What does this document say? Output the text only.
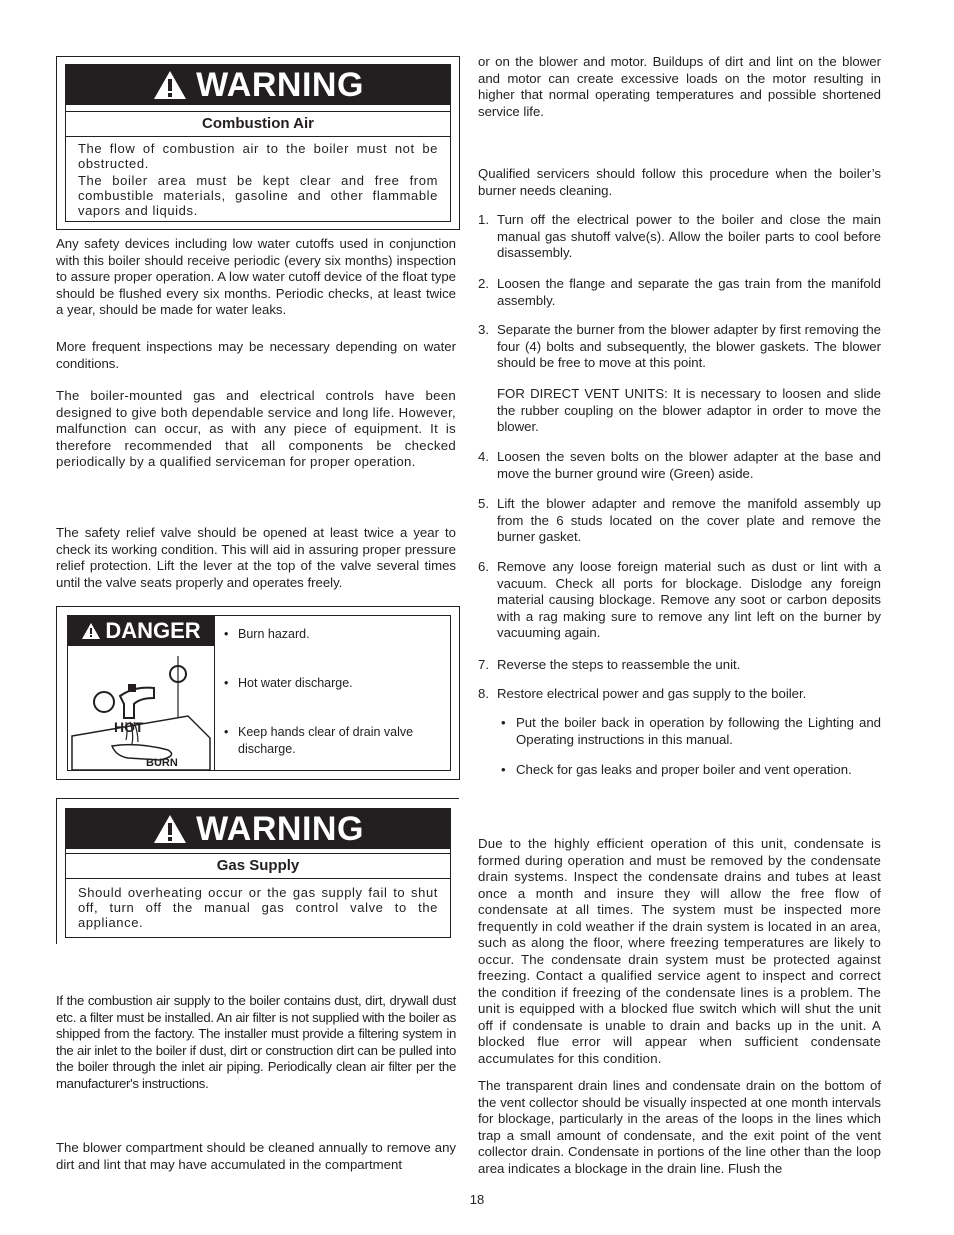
WARNING
Combustion Air

The flow of combustion air to the boiler must not be obstructed.

The boiler area must be kept clear and free from combustible materials, gasoline and other flammable vapors and liquids.

Any safety devices including low water cutoffs used in conjunction with this boiler should receive periodic (every six months) inspection to assure proper operation. A low water cutoff device of the float type should be flushed every six months. Periodic checks, at least twice a year, should be made for water leaks.

More frequent inspections may be necessary depending on water conditions.

The boiler-mounted gas and electrical controls have been designed to give both dependable service and long life. However, malfunction can occur, as with any piece of equipment. It is therefore recommended that all components be checked periodically by a qualified serviceman for proper operation.

The safety relief valve should be opened at least twice a year to check its working condition. This will aid in assuring proper pressure relief protection. Lift the lever at the top of the valve several times until the valve seats properly and operates freely.

DANGER
HOT
BURN
• Burn hazard.
• Hot water discharge.
• Keep hands clear of drain valve discharge.
WARNING
Gas Supply

Should overheating occur or the gas supply fail to shut off, turn off the manual gas control valve to the appliance.

If the combustion air supply to the boiler contains dust, dirt, drywall dust etc. a filter must be installed. An air filter is not supplied with the boiler as shipped from the factory. The installer must provide a filtering system in the air inlet to the boiler if dust, dirt or construction dirt can be pulled into the boiler through the inlet air piping. Periodically clean air filter per the manufacturer's instructions.

The blower compartment should be cleaned annually to remove any dirt and lint that may have accumulated in the compartment

or on the blower and motor. Buildups of dirt and lint on the blower and motor can create excessive loads on the motor resulting in higher that normal operating temperatures and possible shortened service life.

Qualified servicers should follow this procedure when the boiler’s burner needs cleaning.

1. Turn off the electrical power to the boiler and close the main manual gas shutoff valve(s). Allow the boiler parts to cool before disassembly.
2. Loosen the flange and separate the gas train from the manifold assembly.
3. Separate the burner from the blower adapter by first removing the four (4) bolts and subsequently, the blower gaskets. The blower should be free to move at this point.
4. Loosen the seven bolts on the blower adapter at the base and move the burner ground wire (Green) aside.
5. Lift the blower adapter and remove the manifold assembly up from the 6 studs located on the cover plate and remove the burner gasket.
6. Remove any loose foreign material such as dust or lint with a vacuum. Check all ports for blockage. Dislodge any foreign material causing blockage. Remove any soot or carbon deposits with a rag making sure to remove any lint left on the burner by vacuuming again.
7. Reverse the steps to reassemble the unit.
8. Restore electrical power and gas supply to the boiler.
FOR DIRECT VENT UNITS: It is necessary to loosen and slide the rubber coupling on the blower adaptor in order to move the blower.
• Put the boiler back in operation by following the Lighting and Operating instructions in this manual.
• Check for gas leaks and proper boiler and vent operation.

Due to the highly efficient operation of this unit, condensate is formed during operation and must be removed by the condensate drain systems. Inspect the condensate drains and tubes at least once a month and insure they will allow the free flow of condensate at all times. The system must be inspected more frequently in cold weather if the drain system is located in an area, such as along the floor, where freezing temperatures are likely to occur. The condensate drain system must be protected against freezing. Contact a qualified service agent to inspect and correct the condition if freezing of the condensate lines is a problem. The unit is equipped with a blocked flue switch which will shut the unit off if condensate is unable to drain and backs up in the unit. A blocked flue error will appear when sufficient condensate accumulates for this condition.

The transparent drain lines and condensate drain on the bottom of the vent collector should be visually inspected at one month intervals for blockage, particularly in the areas of the loops in the lines which trap a small amount of condensate, and the exit point of the vent collector drain. Condensate in portions of the line other than the loop area indicates a blockage in the drain line. Flush the

18
